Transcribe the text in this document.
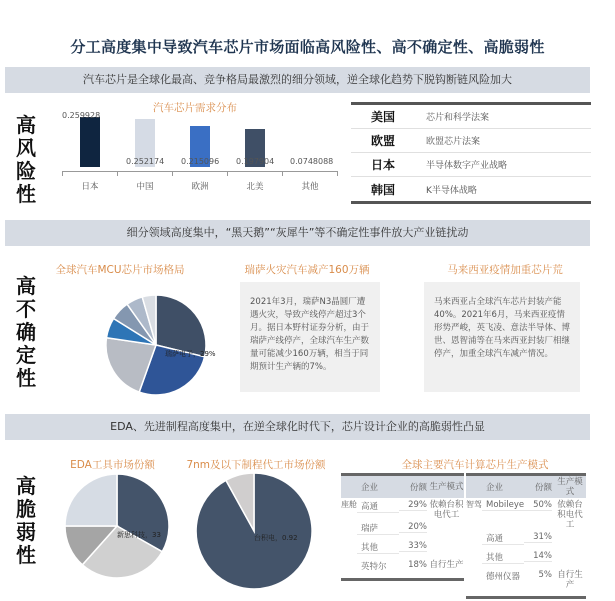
分工高度集中导致汽车芯片市场面临高风险性、高不确定性、高脆弱性
汽车芯片是全球化最高、竞争格局最激烈的细分领域，逆全球化趋势下脱钩断链风险加大
高风险性
汽车芯片需求分布
0.259928
0.252174 0.215096 0.197904 0.0748088
日本	中国	欧洲	北美	其他
美国	芯片和科学法案
欧盟	欧盟芯片法案
日本	半导体数字产业战略
韩国	K半导体战略
细分领域高度集中，“黑天鹅”“灰犀牛”等不确定性事件放大产业链扰动
高不确定性
全球汽车MCU芯片市场格局
瑞萨电子，29%
瑞萨火灾汽车减产160万辆
2021年3月，瑞萨N3晶圆厂遭遇火灾，导致产线停产超过3个月。据日本野村证券分析，由于瑞萨产线停产，全球汽车生产数量可能减少160万辆，相当于同期预计生产辆的7%。
马来西亚疫情加重芯片荒
马来西亚占全球汽车芯片封装产能40%。2021年6月，马来西亚疫情形势严峻，英飞凌、意法半导体、博世、恩智浦等在马来西亚封装厂相继停产，加重全球汽车减产情况。
EDA、先进制程高度集中，在逆全球化时代下，芯片设计企业的高脆弱性凸显
高脆弱性
EDA工具市场份额
新思科技，33
7nm及以下制程代工市场份额
台积电，0.92
全球主要汽车计算芯片生产模式
企业	份额 生产模式
座舱 高通	29% 依赖台积电代工
瑞萨	20%
其他	33%
英特尔	18% 自行生产
企业	份额
生产模式
智驾 Mobileye	50% 依赖台积电代工
高通	31%
其他	14%
德州仪器	5% 自行生产
